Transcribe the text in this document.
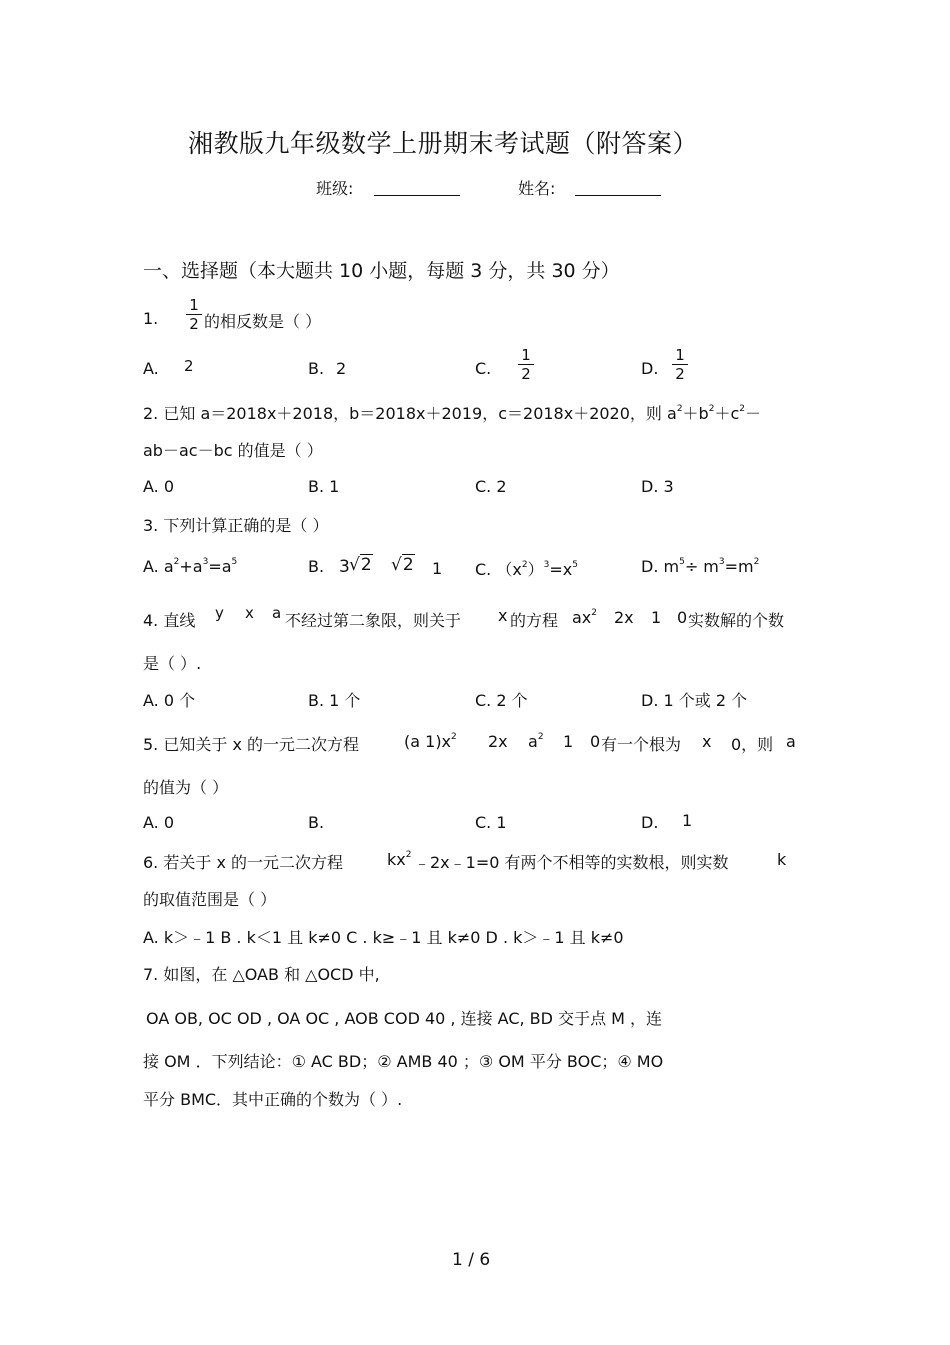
湘教版九年级数学上册期末考试题（附答案）
班级:	姓名:
一、选择题（本大题共 10 小题，每题 3 分，共 30 分）
1.
1
2 的相反数是（ ）
A. 2	B. 2	C.
1
2	D.
1
2
2. 已知 a＝2018x＋2018，b＝2018x＋2019，c＝2018x＋2020，则 $a^2+b^2+c^2-$
ab－ac－bc 的值是（ ）
A. 0	B. 1	C. 2	D. 3
3. 下列计算正确的是（ ）
A. $a^2+a^3=a^5$	B. 3 √2 √2 1 C. $(x^2)^3=x^5$	D. $m^5\div m^3=m^2$
4. 直线 y x a 不经过第二象限，则关于 x 的方程 $ax^2$ 2x 1 0 实数解的个数
是（ ）.
A. 0 个	B. 1 个	C. 2 个	D. 1 个或 2 个
5. 已知关于 x 的一元二次方程	(a $1)x^2$ 2x $a^2$ 1 0 有一个根为 x 0，则 a
的值为（ ）
A. 0	B.	C. 1	D. 1
6. 若关于 x 的一元二次方程	$kx^2$ ﹣2x﹣1=0 有两个不相等的实数根，则实数	k
的取值范围是（ ）
A. k＞﹣1 B . k＜1 且 k≠0 C . k≥﹣1 且 k≠0 D . k＞﹣1 且 k≠0
7. 如图，在 △OAB 和 △OCD 中,
OA OB, OC OD , OA OC , AOB COD 40 , 连接 AC, BD 交于点 M ，连
接 OM ．下列结论：① AC BD；② AMB 40 ；③ OM 平分 BOC；④ MO
平分 BMC．其中正确的个数为（ ）.
1 / 6
